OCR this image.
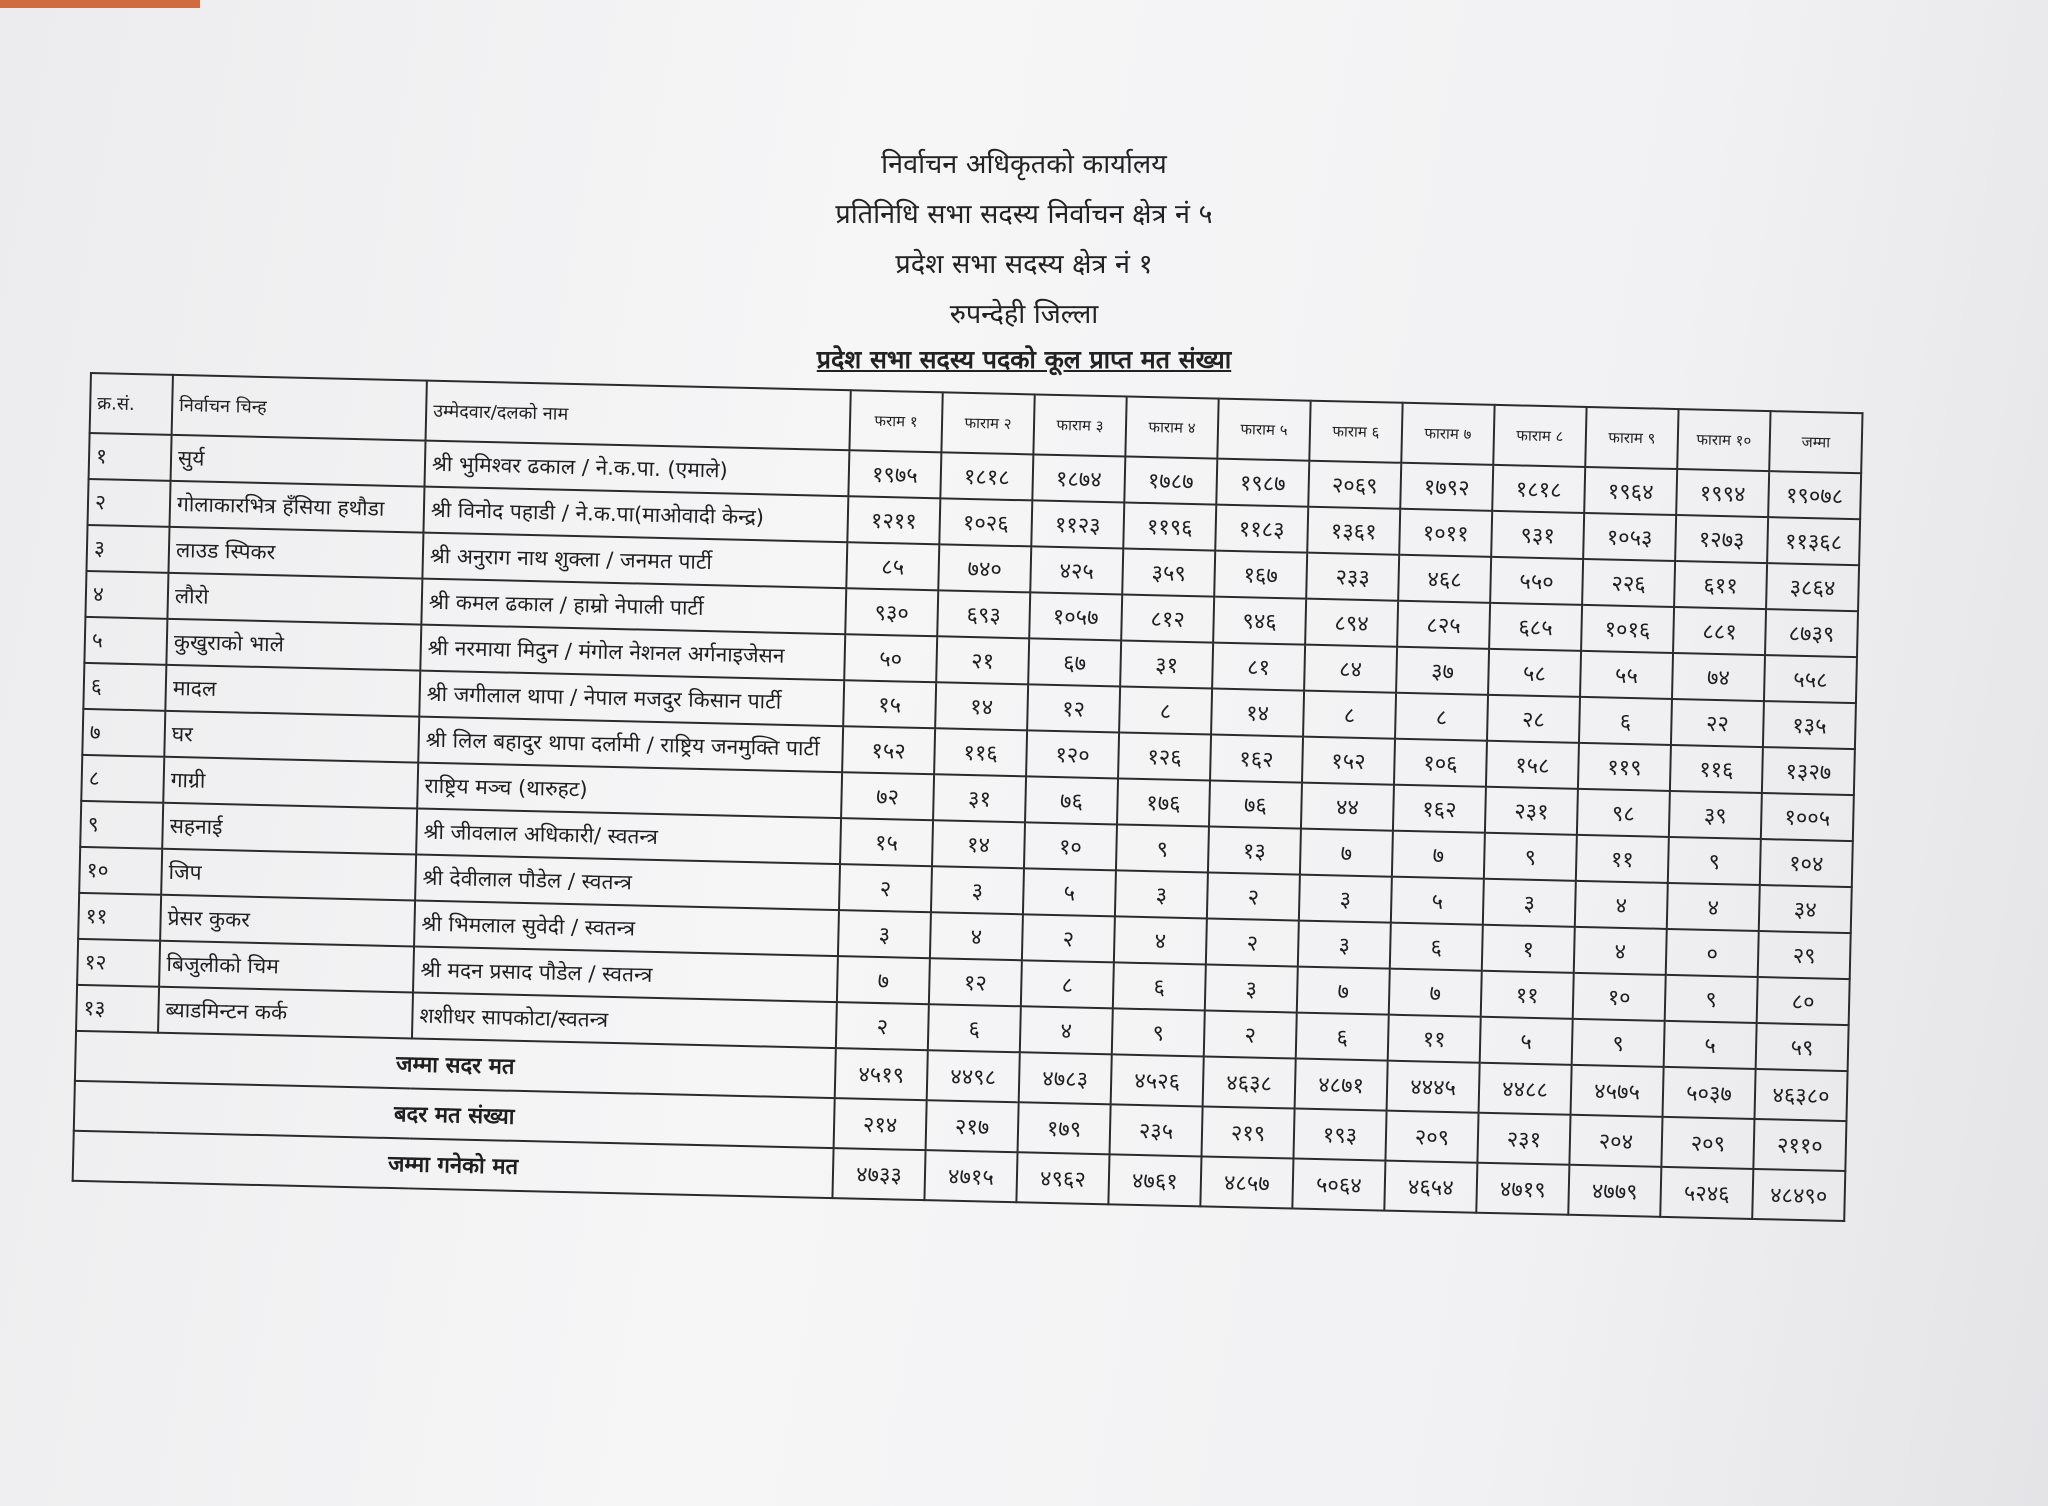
निर्वाचन अधिकृतको कार्यालय
प्रतिनिधि सभा सदस्य निर्वाचन क्षेत्र नं ५
प्रदेश सभा सदस्य क्षेत्र नं १
रुपन्देही जिल्ला
प्रदेश सभा सदस्य पदको कूल प्राप्त मत संख्या
क्र.सं.	निर्वाचन चिन्ह	उम्मेदवार/दलको नाम	फराम १	फाराम २	फाराम ३	फाराम ४	फाराम ५	फाराम ६	फाराम ७	फाराम ८	फाराम ९	फाराम १०	जम्मा
१	सुर्य	श्री भुमिश्वर ढकाल / ने.क.पा. (एमाले)	१९७५	१८१८	१८७४	१७८७	१९८७	२०६९	१७९२	१८१८	१९६४	१९९४	१९०७८
२	गोलाकारभित्र हँसिया हथौडा	श्री विनोद पहाडी / ने.क.पा(माओवादी केन्द्र)	१२११	१०२६	११२३	११९६	११८३	१३६१	१०११	९३१	१०५३	१२७३	११३६८
३	लाउड स्पिकर	श्री अनुराग नाथ शुक्ला / जनमत पार्टी	८५	७४०	४२५	३५९	१६७	२३३	४६८	५५०	२२६	६११	३८६४
४	लौरो	श्री कमल ढकाल / हाम्रो नेपाली पार्टी	९३०	६९३	१०५७	८१२	९४६	८९४	८२५	६८५	१०१६	८८१	८७३९
५	कुखुराको भाले	श्री नरमाया मिदुन / मंगोल नेशनल अर्गनाइजेसन	५०	२१	६७	३१	८१	८४	३७	५८	५५	७४	५५८
६	मादल	श्री जगीलाल थापा / नेपाल मजदुर किसान पार्टी	१५	१४	१२	८	१४	८	८	२८	६	२२	१३५
७	घर	श्री लिल बहादुर थापा दर्लामी / राष्ट्रिय जनमुक्ति पार्टी	१५२	११६	१२०	१२६	१६२	१५२	१०६	१५८	११९	११६	१३२७
८	गाग्री	राष्ट्रिय मञ्च (थारुहट)	७२	३१	७६	१७६	७६	४४	१६२	२३१	९८	३९	१००५
९	सहनाई	श्री जीवलाल अधिकारी/ स्वतन्त्र	१५	१४	१०	९	१३	७	७	९	११	९	१०४
१०	जिप	श्री देवीलाल पौडेल / स्वतन्त्र	२	३	५	३	२	३	५	३	४	४	३४
११	प्रेसर कुकर	श्री भिमलाल सुवेदी / स्वतन्त्र	३	४	२	४	२	३	६	१	४	०	२९
१२	बिजुलीको चिम	श्री मदन प्रसाद पौडेल / स्वतन्त्र	७	१२	८	६	३	७	७	११	१०	९	८०
१३	ब्याडमिन्टन कर्क	शशीधर सापकोटा/स्वतन्त्र	२	६	४	९	२	६	११	५	९	५	५९
जम्मा सदर मत			४५१९	४४९८	४७८३	४५२६	४६३८	४८७१	४४४५	४४८८	४५७५	५०३७	४६३८०
बदर मत संख्या			२१४	२१७	१७९	२३५	२१९	१९३	२०९	२३१	२०४	२०९	२११०
जम्मा गनेको मत			४७३३	४७१५	४९६२	४७६१	४८५७	५०६४	४६५४	४७१९	४७७९	५२४६	४८४९०
